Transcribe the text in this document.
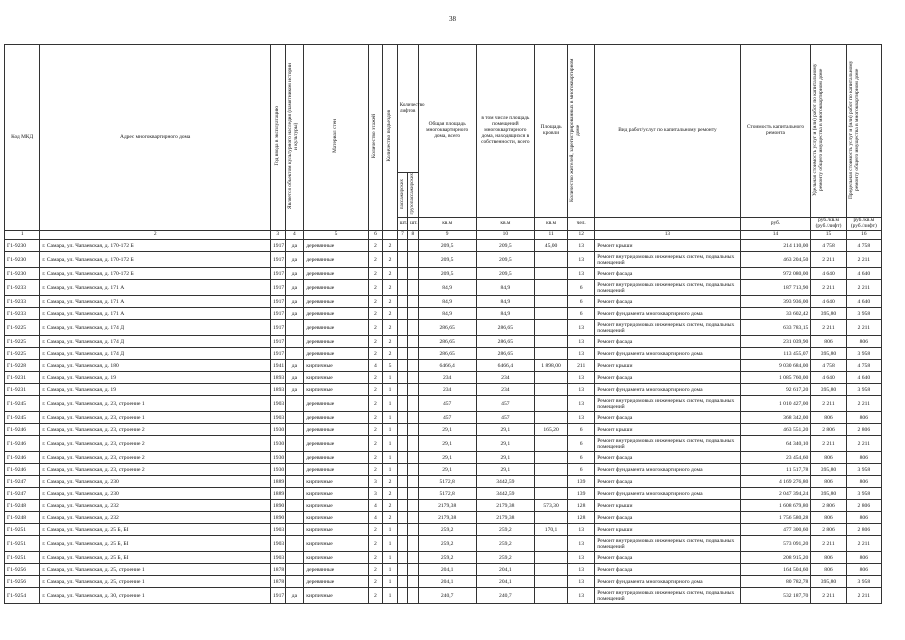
38
Код МКД	Адрес многоквартирного дома	Год ввода в эксплуатацию	Является объектом культурного наследия (памятником истории и культуры)	Материал стен	Количество этажей	Количество подъездов	Количество лифтов		Общая площадь многоквартирного дома, всего	в том числе площадь помещений многоквартирного дома, находящихся в собственности, всего	Площадь кровли	Количество жителей, зарегистрированных в многоквартирном доме	Вид работ/услуг по капитальному ремонту	Стоимость капитального ремонта	Удельная стоимость услуг и (или) работ по капитальному ремонту общего имущества в многоквартирном доме	Предельная стоимость услуг и (или) работ по капитальному ремонту общего имущества в многоквартирном доме
							пассажирских	грузопассажирских								
							шт.	шт.	кв.м	кв.м	кв.м	чел.		руб.	руб./кв.м (руб./лифт)	руб./кв.м (руб./лифт)
1	2	3	4	5	6		7	8	9	10	11	12	13	14	15	16
Г1-9230	г. Самара, ул. Чапаевская, д. 170-172 Б	1917	да	деревянные	2	2			209,5	209,5	45,00	13	Ремонт крыши	214 110,00	4 758	4 758
Г1-9230	г. Самара, ул. Чапаевская, д. 170-172 Б	1917	да	деревянные	2	2			209,5	209,5		13	Ремонт внутридомовых инженерных систем, подвальных помещений	463 204,50	2 211	2 211
Г1-9230	г. Самара, ул. Чапаевская, д. 170-172 Б	1917	да	деревянные	2	2			209,5	209,5		13	Ремонт фасада	972 080,00	4 640	4 640
Г1-9233	г. Самара, ул. Чапаевская, д. 171 А	1917	да	деревянные	2	2			84,9	84,9		6	Ремонт внутридомовых инженерных систем, подвальных помещений	187 713,90	2 211	2 211
Г1-9233	г. Самара, ул. Чапаевская, д. 171 А	1917	да	деревянные	2	2			84,9	84,9		6	Ремонт фасада	393 936,00	4 640	4 640
Г1-9233	г. Самара, ул. Чапаевская, д. 171 А	1917	да	деревянные	2	2			84,9	84,9		6	Ремонт фундамента многоквартирного дома	33 602,42	395,80	3 958
Г1-9225	г. Самара, ул. Чапаевская, д. 174 Д	1917		деревянные	2	2			286,65	286,65		13	Ремонт внутридомовых инженерных систем, подвальных помещений	633 783,15	2 211	2 211
Г1-9225	г. Самара, ул. Чапаевская, д. 174 Д	1917		деревянные	2	2			286,65	286,65		13	Ремонт фасада	231 039,90	806	806
Г1-9225	г. Самара, ул. Чапаевская, д. 174 Д	1917		деревянные	2	2			286,65	286,65		13	Ремонт фундамента многоквартирного дома	113 455,07	395,80	3 958
Г1-9228	г. Самара, ул. Чапаевская, д. 180	1941	да	кирпичные	4	5			6466,4	6466,4	1 898,00	211	Ремонт крыши	9 030 684,00	4 758	4 758
Г1-9231	г. Самара, ул. Чапаевская, д. 19	1893	да	кирпичные	2	1			234	234		13	Ремонт фасада	1 085 760,00	4 640	4 640
Г1-9231	г. Самара, ул. Чапаевская, д. 19	1893	да	кирпичные	2	1			234	234		13	Ремонт фундамента многоквартирного дома	92 617,20	395,80	3 958
Г1-9245	г. Самара, ул. Чапаевская, д. 23, строение 1	1903		деревянные	2	1			457	457		13	Ремонт внутридомовых инженерных систем, подвальных помещений	1 010 427,00	2 211	2 211
Г1-9245	г. Самара, ул. Чапаевская, д. 23, строение 1	1903		деревянные	2	1			457	457		13	Ремонт фасада	368 342,00	806	806
Г1-9246	г. Самара, ул. Чапаевская, д. 23, строение 2	1930		деревянные	2	1			29,1	29,1	165,20	6	Ремонт крыши	463 551,20	2 806	2 806
Г1-9246	г. Самара, ул. Чапаевская, д. 23, строение 2	1930		деревянные	2	1			29,1	29,1		6	Ремонт внутридомовых инженерных систем, подвальных помещений	64 340,10	2 211	2 211
Г1-9246	г. Самара, ул. Чапаевская, д. 23, строение 2	1930		деревянные	2	1			29,1	29,1		6	Ремонт фасада	23 454,60	806	806
Г1-9246	г. Самара, ул. Чапаевская, д. 23, строение 2	1930		деревянные	2	1			29,1	29,1		6	Ремонт фундамента многоквартирного дома	11 517,78	395,80	3 958
Г1-9247	г. Самара, ул. Чапаевская, д. 230	1889		кирпичные	3	2			5172,8	3442,59		139	Ремонт фасада	4 169 276,80	806	806
Г1-9247	г. Самара, ул. Чапаевская, д. 230	1889		кирпичные	3	2			5172,8	3442,59		139	Ремонт фундамента многоквартирного дома	2 047 394,24	395,80	3 958
Г1-9248	г. Самара, ул. Чапаевская, д. 232	1890		кирпичные	4	2			2179,38	2179,38	573,30	128	Ремонт крыши	1 608 679,80	2 806	2 806
Г1-9248	г. Самара, ул. Чапаевская, д. 232	1890		кирпичные	4	2			2179,38	2179,38		128	Ремонт фасада	1 756 580,28	806	806
Г1-9251	г. Самара, ул. Чапаевская, д. 25 Б, БI	1903		кирпичные	2	1			259,2	259,2	170,1	13	Ремонт крыши	477 300,60	2 806	2 806
Г1-9251	г. Самара, ул. Чапаевская, д. 25 Б, БI	1903		кирпичные	2	1			259,2	259,2		13	Ремонт внутридомовых инженерных систем, подвальных помещений	573 091,20	2 211	2 211
Г1-9251	г. Самара, ул. Чапаевская, д. 25 Б, БI	1903		кирпичные	2	1			259,2	259,2		13	Ремонт фасада	208 915,20	806	806
Г1-9256	г. Самара, ул. Чапаевская, д. 25, строение 1	1878		деревянные	2	1			204,1	204,1		13	Ремонт фасада	164 504,60	806	806
Г1-9256	г. Самара, ул. Чапаевская, д. 25, строение 1	1878		деревянные	2	1			204,1	204,1		13	Ремонт фундамента многоквартирного дома	80 782,78	395,80	3 958
Г1-9254	г. Самара, ул. Чапаевская, д. 30, строение 1	1917	да	кирпичные	2	1			240,7	240,7		13	Ремонт внутридомовых инженерных систем, подвальных помещений	532 187,70	2 211	2 211
